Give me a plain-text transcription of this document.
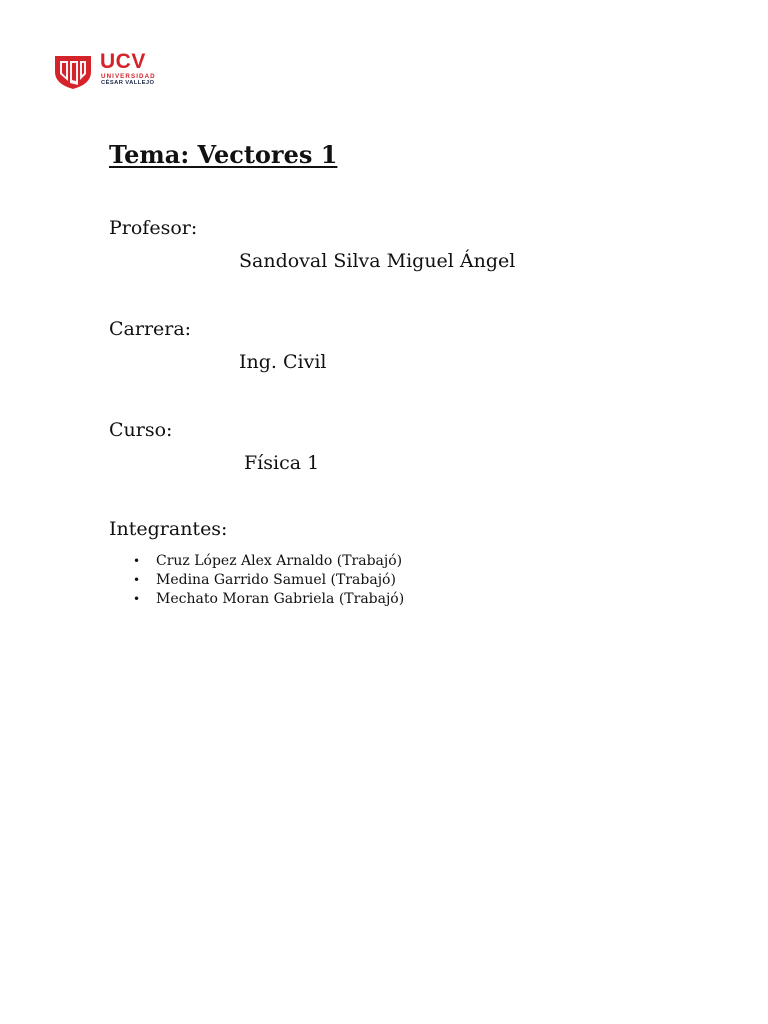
UCV
UNIVERSIDAD
CÉSAR VALLEJO
Tema: Vectores 1
Profesor:
Sandoval Silva Miguel Ángel
Carrera:
Ing. Civil
Curso:
Física 1
Integrantes:
• Cruz López Alex Arnaldo (Trabajó)
• Medina Garrido Samuel (Trabajó)
• Mechato Moran Gabriela (Trabajó)
